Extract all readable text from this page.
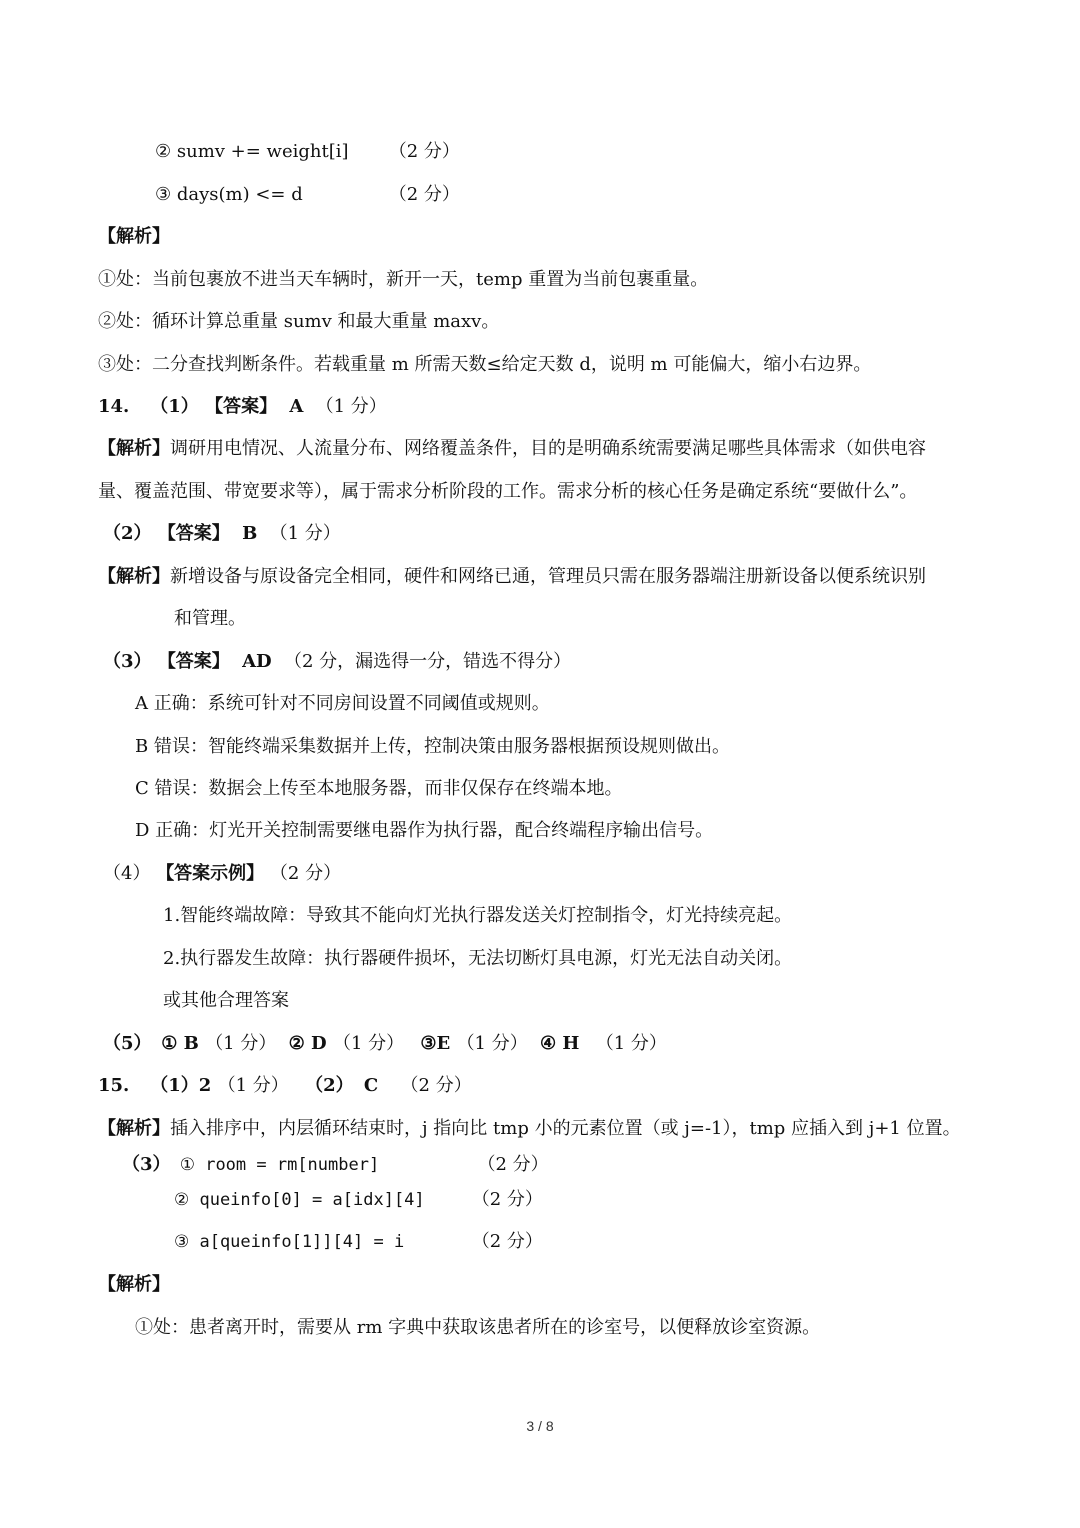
② sumv += weight[i] （2 分）
③ days(m) <= d	（2 分）
【解析】
①处：当前包裹放不进当天车辆时，新开一天，temp 重置为当前包裹重量。
②处：循环计算总重量 sumv 和最大重量 maxv。
③处：二分查找判断条件。若载重量 m 所需天数≤给定天数 d，说明 m 可能偏大，缩小右边界。
14. （1） 【答案】 A （1 分）
【解析】调研用电情况、人流量分布、网络覆盖条件，目的是明确系统需要满足哪些具体需求（如供电容
量、覆盖范围、带宽要求等），属于需求分析阶段的工作。需求分析的核心任务是确定系统“要做什么”。
（2） 【答案】 B （1 分）
【解析】新增设备与原设备完全相同，硬件和网络已通，管理员只需在服务器端注册新设备以便系统识别
和管理。
（3） 【答案】 AD （2 分，漏选得一分，错选不得分）
A 正确：系统可针对不同房间设置不同阈值或规则。
B 错误：智能终端采集数据并上传，控制决策由服务器根据预设规则做出。
C 错误：数据会上传至本地服务器，而非仅保存在终端本地。
D 正确：灯光开关控制需要继电器作为执行器，配合终端程序输出信号。
（4） 【答案示例】 （2 分）
1.智能终端故障：导致其不能向灯光执行器发送关灯控制指令，灯光持续亮起。
2.执行器发生故障：执行器硬件损坏，无法切断灯具电源，灯光无法自动关闭。
或其他合理答案
（5） ① B （1 分） ② D （1 分） ③E （1 分） ④ H （1 分）
15. （1）2 （1 分） （2） C （2 分）
【解析】插入排序中，内层循环结束时，j 指向比 tmp 小的元素位置（或 j=-1），tmp 应插入到 j+1 位置。
（3） ① room = rm[number]	（2 分）
② queinfo[0] = a[idx][4]	（2 分）
③ a[queinfo[1]][4] = i	（2 分）
【解析】
①处：患者离开时，需要从 rm 字典中获取该患者所在的诊室号，以便释放诊室资源。
3 / 8
